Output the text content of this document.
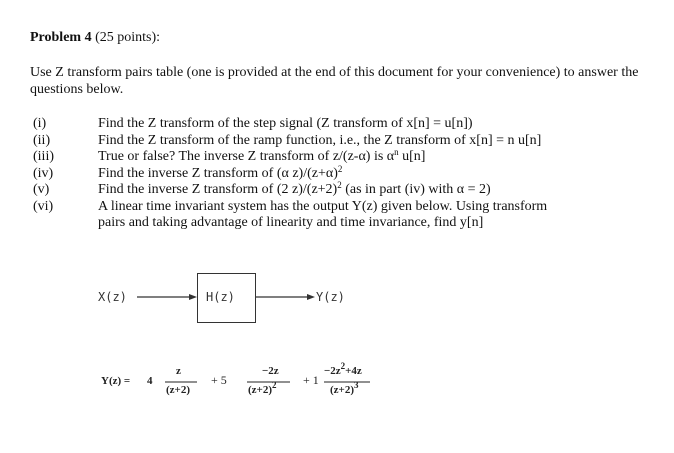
Problem 4 (25 points):
Use Z transform pairs table (one is provided at the end of this document for your convenience) to answer the questions below.
(i)	Find the Z transform of the step signal (Z transform of x[n] = u[n])
(ii)	Find the Z transform of the ramp function, i.e., the Z transform of x[n] = n u[n]
(iii)	True or false? The inverse Z transform of z/(z-α) is $\alpha^n$ u[n]
(iv)	Find the inverse Z transform of (α $z)/(z+\alpha)^2$
(v)	Find the inverse Z transform of (2 $z)/(z+2)^2$ (as in part (iv) with α = 2)
(vi)	A linear time invariant system has the output Y(z) given below. Using transform
pairs and taking advantage of linearity and time invariance, find y[n]
X(z)	H(z)	Y(z)
Y(z) = 4
z
(z+2)
+ 5
−2z
$(z+2)^2 + 1$
$-2z^2+4z$
$(z+2)^3$
